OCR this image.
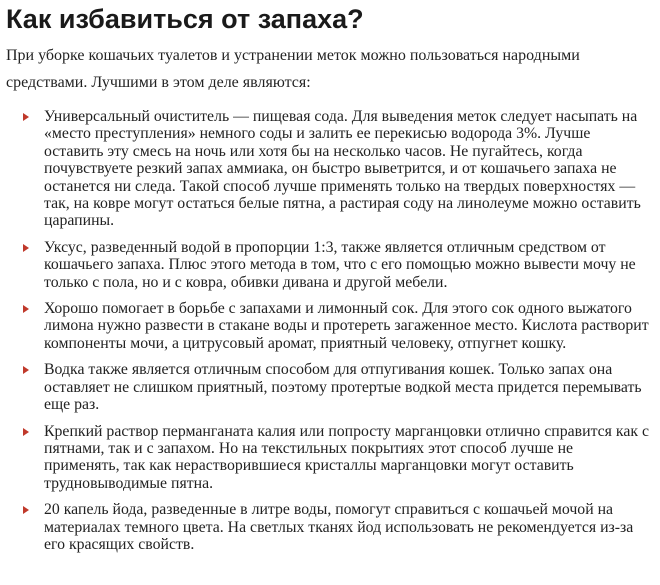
Как избавиться от запаха?

При уборке кошачьих туалетов и устранении меток можно пользоваться народными средствами. Лучшими в этом деле являются:

Универсальный очиститель — пищевая сода. Для выведения меток следует насыпать на «место преступления» немного соды и залить ее перекисью водорода 3%. Лучше оставить эту смесь на ночь или хотя бы на несколько часов. Не пугайтесь, когда почувствуете резкий запах аммиака, он быстро выветрится, и от кошачьего запаха не останется ни следа. Такой способ лучше применять только на твердых поверхностях — так, на ковре могут остаться белые пятна, а растирая соду на линолеуме можно оставить царапины.
Уксус, разведенный водой в пропорции 1:3, также является отличным средством от кошачьего запаха. Плюс этого метода в том, что с его помощью можно вывести мочу не только с пола, но и с ковра, обивки дивана и другой мебели.
Хорошо помогает в борьбе с запахами и лимонный сок. Для этого сок одного выжатого лимона нужно развести в стакане воды и протереть загаженное место. Кислота растворит компоненты мочи, а цитрусовый аромат, приятный человеку, отпугнет кошку.
Водка также является отличным способом для отпугивания кошек. Только запах она оставляет не слишком приятный, поэтому протертые водкой места придется перемывать еще раз.
Крепкий раствор перманганата калия или попросту марганцовки отлично справится как с пятнами, так и с запахом. Но на текстильных покрытиях этот способ лучше не применять, так как нерастворившиеся кристаллы марганцовки могут оставить трудновыводимые пятна.
20 капель йода, разведенные в литре воды, помогут справиться с кошачьей мочой на материалах темного цвета. На светлых тканях йод использовать не рекомендуется из-за его красящих свойств.
